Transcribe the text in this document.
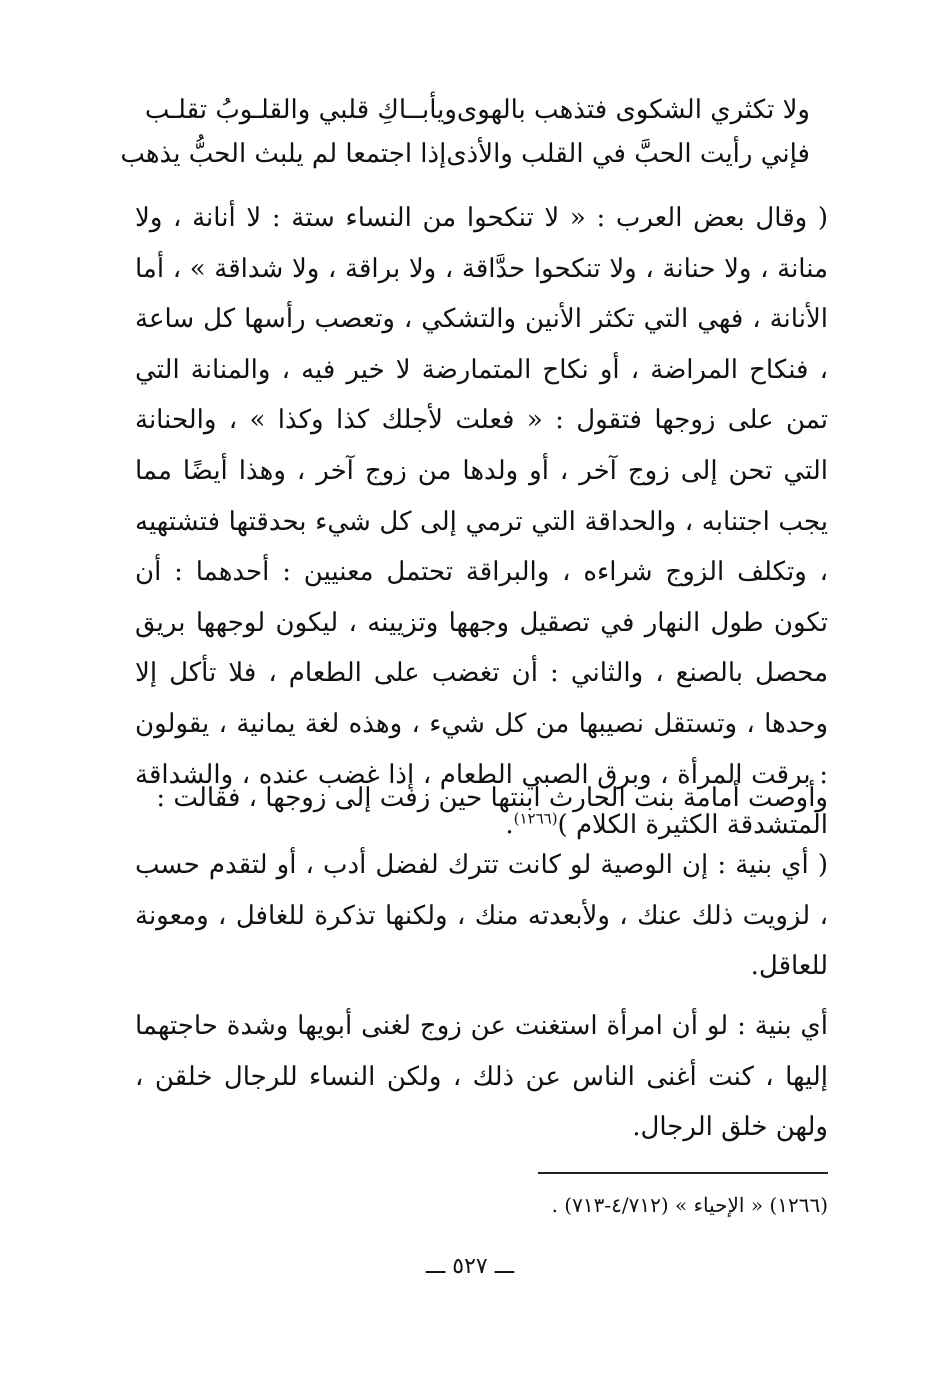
ولا تكثري الشكوى فتذهب بالهوى
ويأبــاكِ قلبي والقلـوبُ تقلـب
فإني رأيت الحبَّ في القلب والأذى
إذا اجتمعا لم يلبث الحبُّ يذهب

( وقال بعض العرب : « لا تنكحوا من النساء ستة : لا أنانة ، ولا منانة ، ولا حنانة ، ولا تنكحوا حدَّاقة ، ولا براقة ، ولا شداقة » ، أما الأنانة ، فهي التي تكثر الأنين والتشكي ، وتعصب رأسها كل ساعة ، فنكاح المراضة ، أو نكاح المتمارضة لا خير فيه ، والمنانة التي تمن على زوجها فتقول : « فعلت لأجلك كذا وكذا » ، والحنانة التي تحن إلى زوج آخر ، أو ولدها من زوج آخر ، وهذا أيضًا مما يجب اجتنابه ، والحداقة التي ترمي إلى كل شيء بحدقتها فتشتهيه ، وتكلف الزوج شراءه ، والبراقة تحتمل معنيين : أحدهما : أن تكون طول النهار في تصقيل وجهها وتزيينه ، ليكون لوجهها بريق محصل بالصنع ، والثاني : أن تغضب على الطعام ، فلا تأكل إلا وحدها ، وتستقل نصيبها من كل شيء ، وهذه لغة يمانية ، يقولون : برقت المرأة ، وبرق الصبي الطعام ، إذا غضب عنده ، والشداقة المتشدقة الكثيرة الكلام )$^{(١٢٦٦)}$.

وأوصت أمامة بنت الحارث ابنتها حين زفت إلى زوجها ، فقالت :

( أي بنية : إن الوصية لو كانت تترك لفضل أدب ، أو لتقدم حسب ، لزويت ذلك عنك ، ولأبعدته منك ، ولكنها تذكرة للغافل ، ومعونة للعاقل.

أي بنية : لو أن امرأة استغنت عن زوج لغنى أبويها وشدة حاجتهما إليها ، كنت أغنى الناس عن ذلك ، ولكن النساء للرجال خلقن ، ولهن خلق الرجال.

(١٢٦٦) « الإحياء » (٤/٧١٢-٧١٣) .
ـــ ٥٢٧ ـــ
